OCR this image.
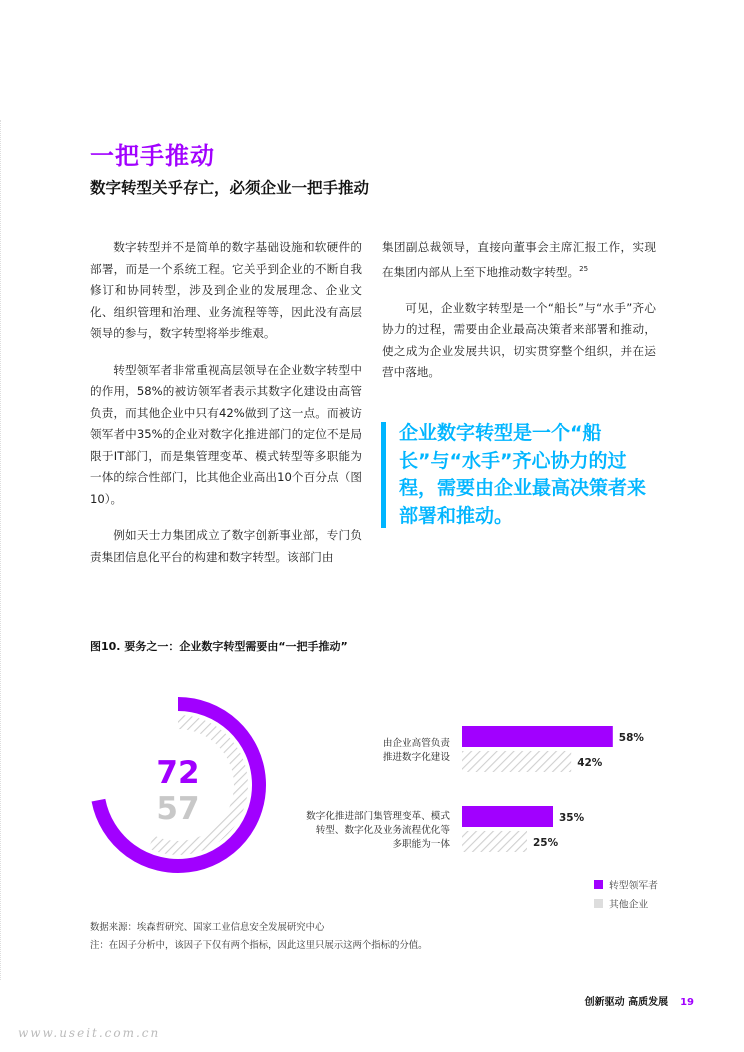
一把手推动
数字转型关乎存亡，必须企业一把手推动

数字转型并不是简单的数字基础设施和软硬件的部署，而是一个系统工程。它关乎到企业的不断自我修订和协同转型，涉及到企业的发展理念、企业文化、组织管理和治理、业务流程等等，因此没有高层领导的参与，数字转型将举步维艰。

转型领军者非常重视高层领导在企业数字转型中的作用，58%的被访领军者表示其数字化建设由高管负责，而其他企业中只有42%做到了这一点。而被访领军者中35%的企业对数字化推进部门的定位不是局限于IT部门，而是集管理变革、模式转型等多职能为一体的综合性部门，比其他企业高出10个百分点（图10）。

例如天士力集团成立了数字创新事业部，专门负责集团信息化平台的构建和数字转型。该部门由

集团副总裁领导，直接向董事会主席汇报工作，实现在集团内部从上至下地推动数字转型。$^{25}$

可见，企业数字转型是一个“船长”与“水手”齐心协力的过程，需要由企业最高决策者来部署和推动，使之成为企业发展共识，切实贯穿整个组织，并在运营中落地。

企业数字转型是一个“船长”与“水手”齐心协力的过程，需要由企业最高决策者来部署和推动。
图10. 要务之一：企业数字转型需要由“一把手推动”
72
57
由企业高管负责
推进数字化建设
58%
42%
数字化推进部门集管理变革、模式
转型、数字化及业务流程优化等
多职能为一体
35%
25%
转型领军者
其他企业
数据来源：埃森哲研究、国家工业信息安全发展研究中心
注：在因子分析中，该因子下仅有两个指标，因此这里只展示这两个指标的分值。
创新驱动 高质发展 19
www.useit.com.cn
